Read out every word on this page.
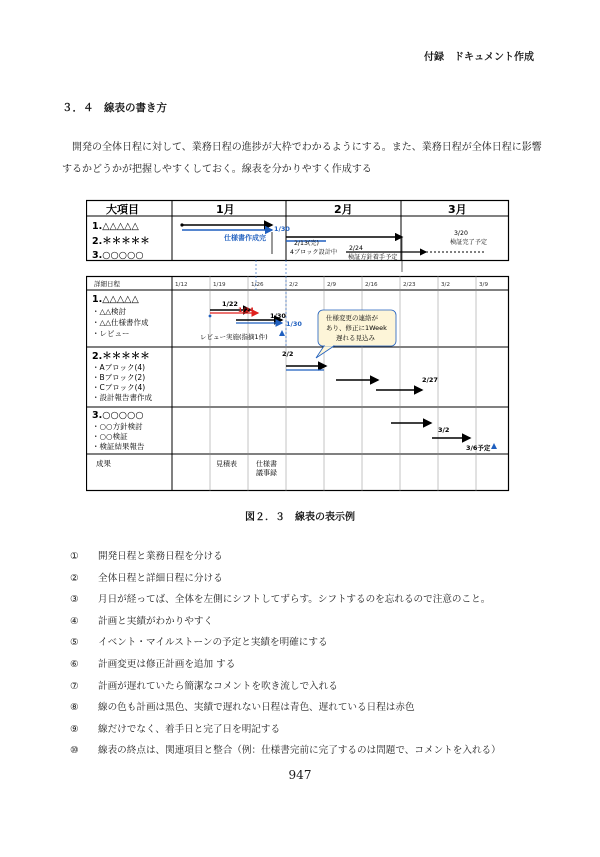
付録　ドキュメント作成
３．４　線表の書き方

開発の全体日程に対して、業務日程の進捗が大枠でわかるようにする。また、業務日程が全体日程に影響するかどうかが把握しやすくしておく。線表を分かりやすく作成する

大項目	1月	2月	3月
1.△△△△△
2.＊＊＊＊＊
3.○○○○○
1/30
仕様書作成完
2/13(完)
4ブロック設計中
2/24
検証方針着手予定
3/20
検証完了予定
詳細日程	1/12	1/19	1/26	2/2	2/9	2/16	2/23	3/2	3/9
1.△△△△△
・△△検討
・△△仕様書作成
・レビュー
2.＊＊＊＊＊
・Aブロック(4)
・Bブロック(2)
・Cブロック(4)
・設計報告書作成
3.○○○○○
・○○方針検討
・○○検証
・検証結果報告
成果	見積表	仕様書
議事録
1/22
1/24
1/30
1/30
レビュー実施(指摘1件)
2/2
2/27
3/2
3/6予定
仕様変更の連絡が
あり、修正に1Week
遅れる見込み
図２．３　線表の表示例
① 開発日程と業務日程を分ける
② 全体日程と詳細日程に分ける
③ 月日が経ってば、全体を左側にシフトしてずらす。シフトするのを忘れるので注意のこと。
④ 計画と実績がわかりやすく
⑤ イベント・マイルストーンの予定と実績を明確にする
⑥ 計画変更は修正計画を追加 する
⑦ 計画が遅れていたら簡潔なコメントを吹き流しで入れる
⑧ 線の色も計画は黒色、実績で遅れない日程は青色、遅れている日程は赤色
⑨ 線だけでなく、着手日と完了日を明記する
⑩ 線表の終点は、関連項目と整合（例：仕様書完前に完了するのは問題で、コメントを入れる）
947
